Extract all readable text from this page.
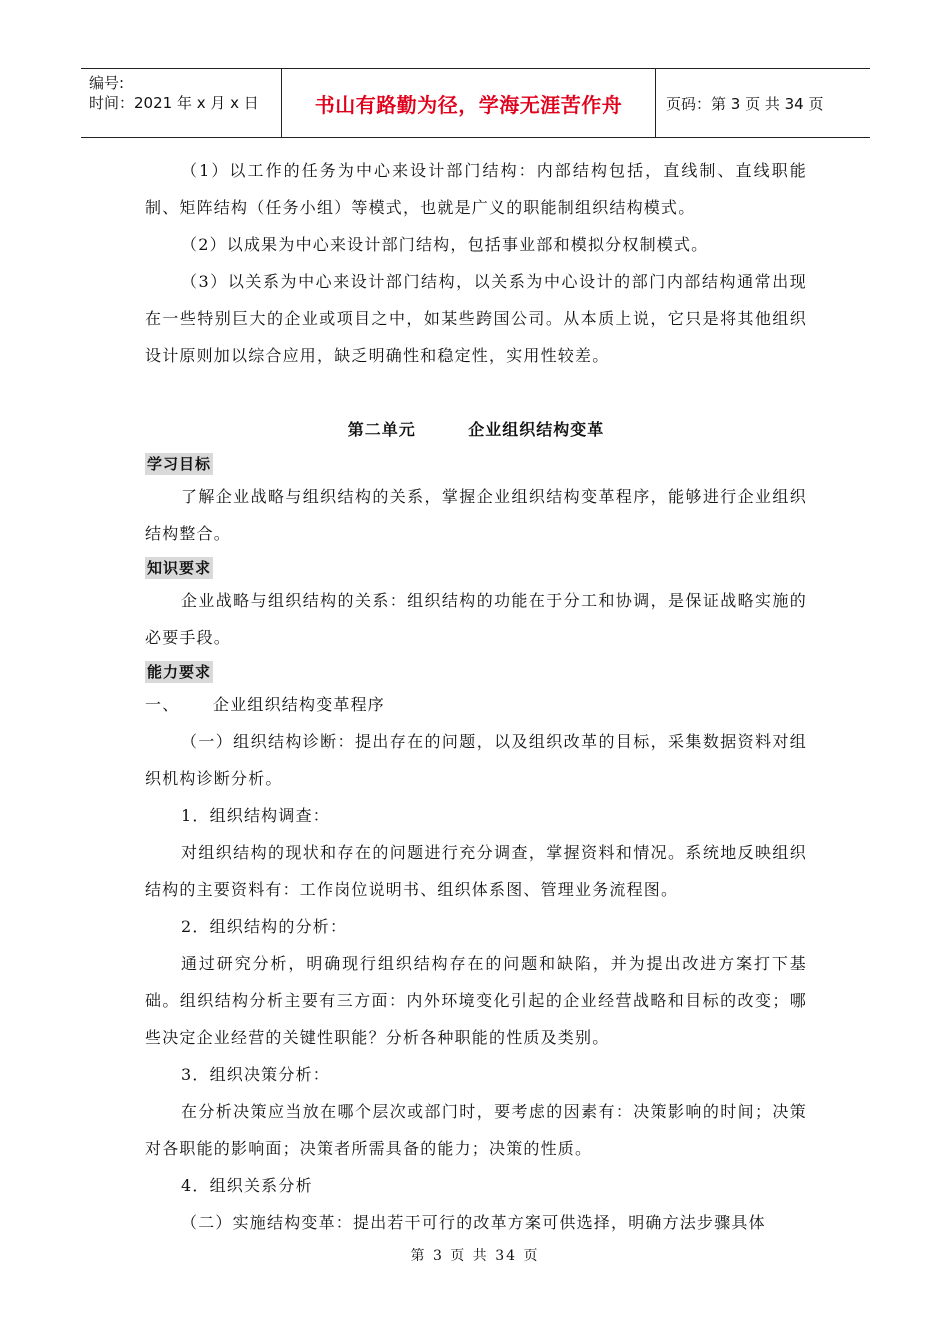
编号:
时间：2021 年 x 月 x 日	书山有路勤为径，学海无涯苦作舟	页码：第 3 页 共 34 页

（1）以工作的任务为中心来设计部门结构：内部结构包括，直线制、直线职能制、矩阵结构（任务小组）等模式，也就是广义的职能制组织结构模式。

（2）以成果为中心来设计部门结构，包括事业部和模拟分权制模式。

（3）以关系为中心来设计部门结构，以关系为中心设计的部门内部结构通常出现在一些特别巨大的企业或项目之中，如某些跨国公司。从本质上说，它只是将其他组织设计原则加以综合应用，缺乏明确性和稳定性，实用性较差。

第二单元        企业组织结构变革
学习目标

了解企业战略与组织结构的关系，掌握企业组织结构变革程序，能够进行企业组织结构整合。

知识要求

企业战略与组织结构的关系：组织结构的功能在于分工和协调，是保证战略实施的必要手段。

能力要求

一、	企业组织结构变革程序

（一）组织结构诊断：提出存在的问题，以及组织改革的目标，采集数据资料对组织机构诊断分析。

1．组织结构调查：

对组织结构的现状和存在的问题进行充分调查，掌握资料和情况。系统地反映组织结构的主要资料有：工作岗位说明书、组织体系图、管理业务流程图。

2．组织结构的分析：

通过研究分析，明确现行组织结构存在的问题和缺陷，并为提出改进方案打下基础。组织结构分析主要有三方面：内外环境变化引起的企业经营战略和目标的改变；哪些决定企业经营的关键性职能？分析各种职能的性质及类别。

3．组织决策分析：

在分析决策应当放在哪个层次或部门时，要考虑的因素有：决策影响的时间；决策对各职能的影响面；决策者所需具备的能力；决策的性质。

4．组织关系分析

（二）实施结构变革：提出若干可行的改革方案可供选择，明确方法步骤具体

第 3 页 共 34 页
